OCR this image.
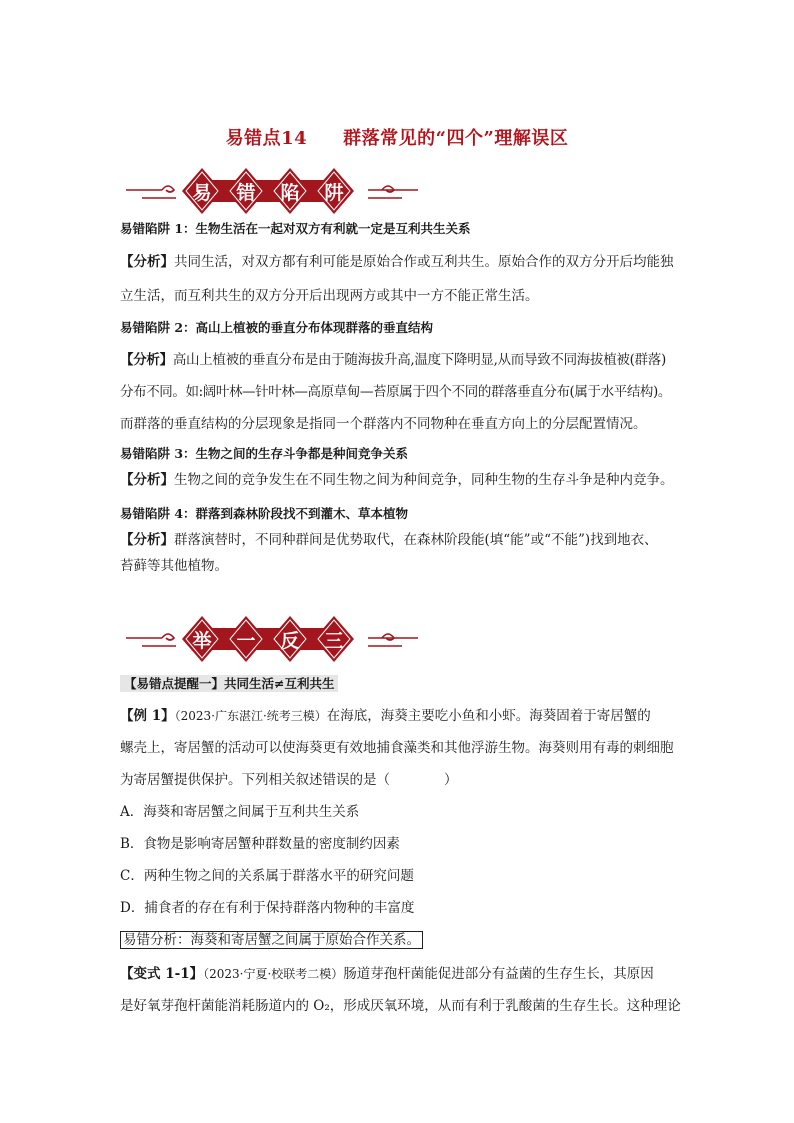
易错点14 群落常见的“四个”理解误区
易 错 陷 阱
易错陷阱 1：生物生活在一起对双方有利就一定是互利共生关系
【分析】共同生活，对双方都有利可能是原始合作或互利共生。原始合作的双方分开后均能独
立生活，而互利共生的双方分开后出现两方或其中一方不能正常生活。
易错陷阱 2：高山上植被的垂直分布体现群落的垂直结构
【分析】高山上植被的垂直分布是由于随海拔升高,温度下降明显,从而导致不同海拔植被(群落)
分布不同。如:阔叶林—针叶林—高原草甸—苔原属于四个不同的群落垂直分布(属于水平结构)。
而群落的垂直结构的分层现象是指同一个群落内不同物种在垂直方向上的分层配置情况。
易错陷阱 3：生物之间的生存斗争都是种间竞争关系
【分析】生物之间的竞争发生在不同生物之间为种间竞争，同种生物的生存斗争是种内竞争。
易错陷阱 4：群落到森林阶段找不到灌木、草本植物
【分析】群落演替时，不同种群间是优势取代，在森林阶段能(填“能”或“不能”)找到地衣、
苔藓等其他植物。
举 一 反 三
【易错点提醒一】共同生活≠互利共生
【例 1】（2023·广东湛江·统考三模）在海底，海葵主要吃小鱼和小虾。海葵固着于寄居蟹的
螺壳上，寄居蟹的活动可以使海葵更有效地捕食藻类和其他浮游生物。海葵则用有毒的刺细胞
为寄居蟹提供保护。下列相关叙述错误的是（　　　　）
A．海葵和寄居蟹之间属于互利共生关系
B．食物是影响寄居蟹种群数量的密度制约因素
C．两种生物之间的关系属于群落水平的研究问题
D．捕食者的存在有利于保持群落内物种的丰富度
易错分析：海葵和寄居蟹之间属于原始合作关系。
【变式 1-1】（2023·宁夏·校联考二模）肠道芽孢杆菌能促进部分有益菌的生存生长，其原因
是好氧芽孢杆菌能消耗肠道内的 O₂，形成厌氧环境，从而有利于乳酸菌的生存生长。这种理论
